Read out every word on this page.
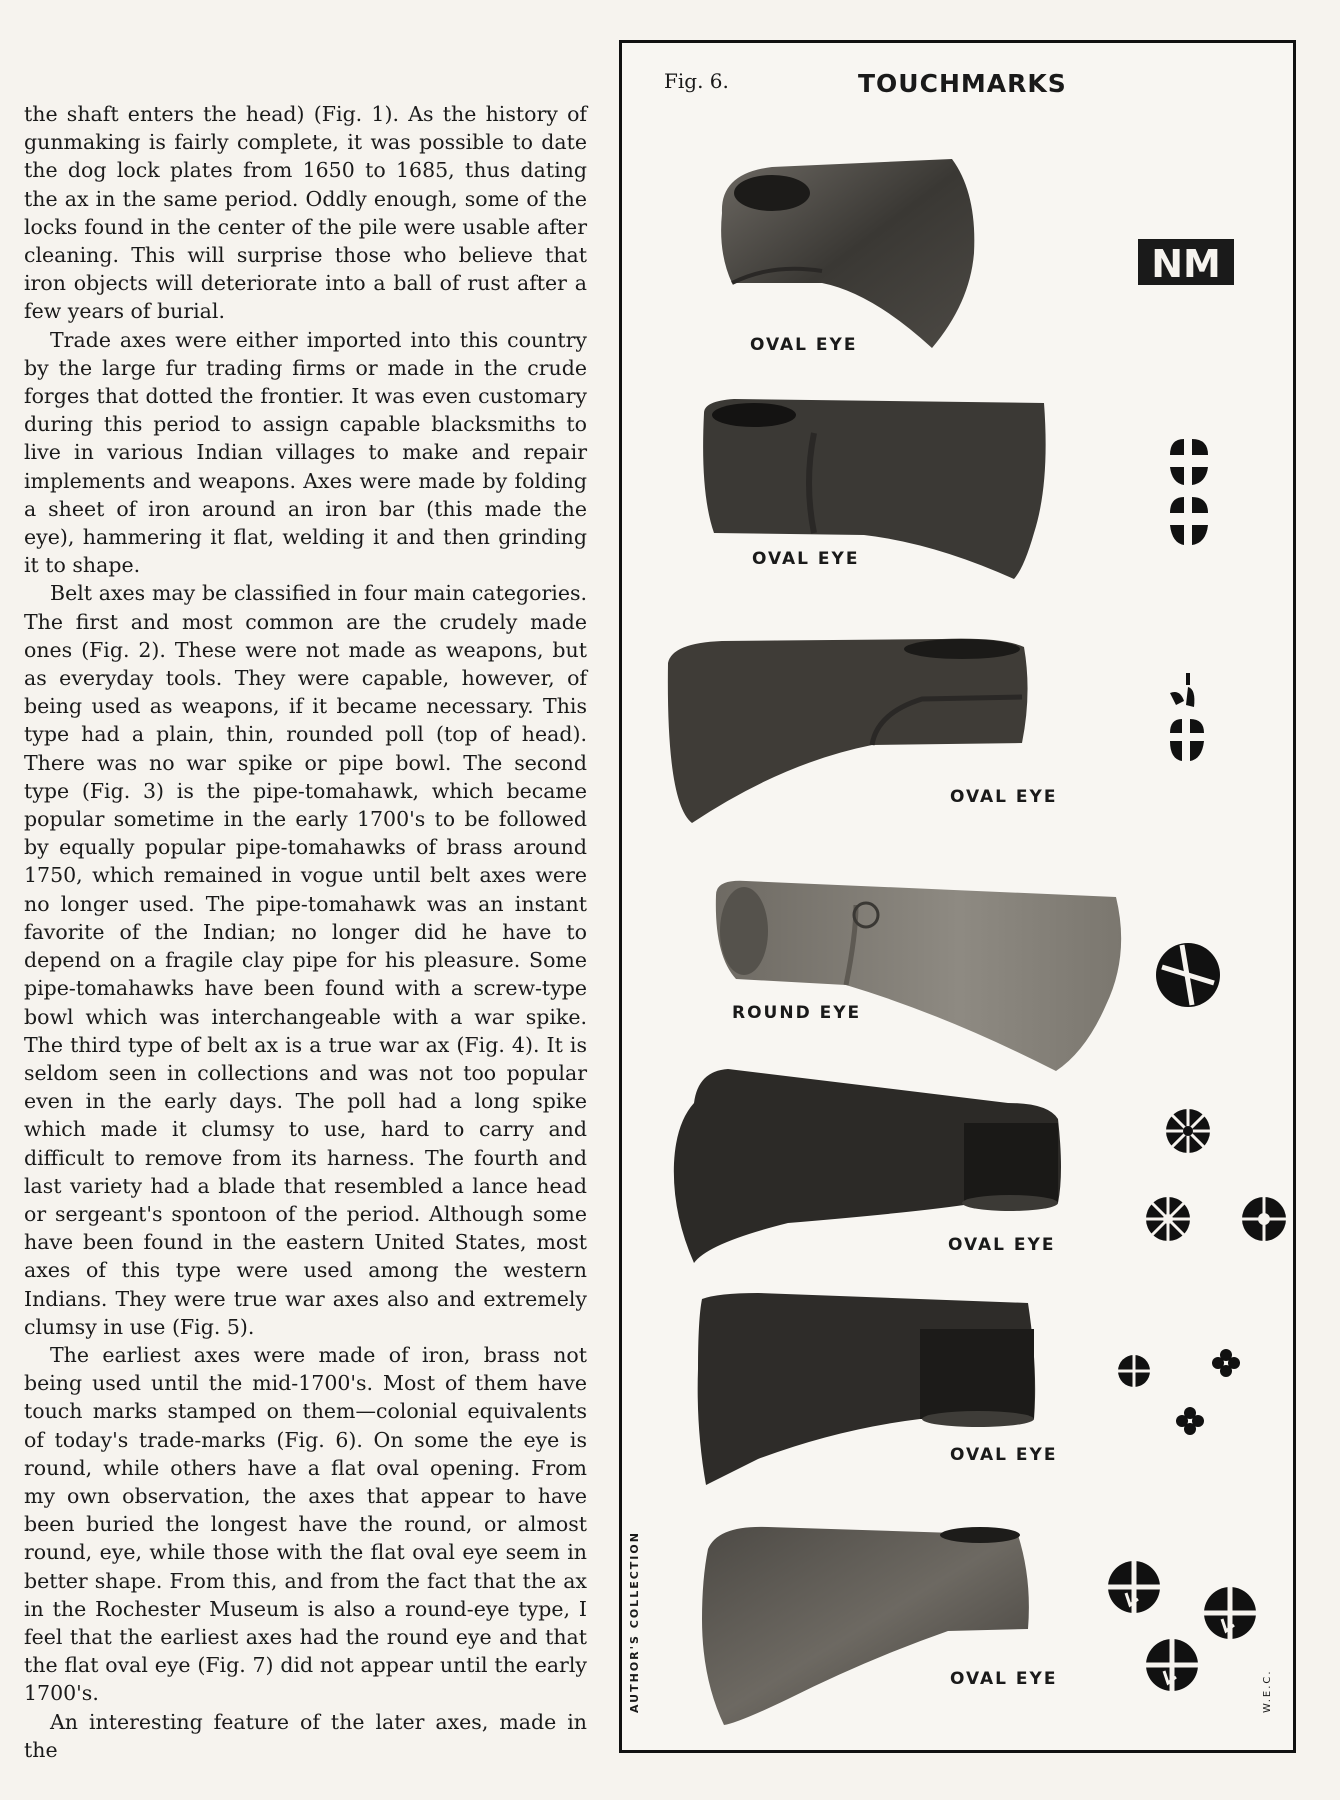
the shaft enters the head) (Fig. 1). As the history of gunmaking is fairly complete, it was possible to date the dog lock plates from 1650 to 1685, thus dating the ax in the same period. Oddly enough, some of the locks found in the center of the pile were usable after cleaning. This will surprise those who believe that iron objects will deteriorate into a ball of rust after a few years of burial.

Trade axes were either imported into this country by the large fur trading firms or made in the crude forges that dotted the frontier. It was even customary during this period to assign capable blacksmiths to live in various Indian villages to make and repair implements and weapons. Axes were made by folding a sheet of iron around an iron bar (this made the eye), hammering it flat, welding it and then grinding it to shape.

Belt axes may be classified in four main categories. The first and most common are the crudely made ones (Fig. 2). These were not made as weapons, but as everyday tools. They were capable, however, of being used as weapons, if it became necessary. This type had a plain, thin, rounded poll (top of head). There was no war spike or pipe bowl. The second type (Fig. 3) is the pipe-tomahawk, which became popular sometime in the early 1700's to be followed by equally popular pipe-tomahawks of brass around 1750, which remained in vogue until belt axes were no longer used. The pipe-tomahawk was an instant favorite of the Indian; no longer did he have to depend on a fragile clay pipe for his pleasure. Some pipe-tomahawks have been found with a screw-type bowl which was interchangeable with a war spike. The third type of belt ax is a true war ax (Fig. 4). It is seldom seen in collections and was not too popular even in the early days. The poll had a long spike which made it clumsy to use, hard to carry and difficult to remove from its harness. The fourth and last variety had a blade that resembled a lance head or sergeant's spontoon of the period. Although some have been found in the eastern United States, most axes of this type were used among the western Indians. They were true war axes also and extremely clumsy in use (Fig. 5).

The earliest axes were made of iron, brass not being used until the mid-1700's. Most of them have touch marks stamped on them—colonial equivalents of today's trade-marks (Fig. 6). On some the eye is round, while others have a flat oval opening. From my own observation, the axes that appear to have been buried the longest have the round, or almost round, eye, while those with the flat oval eye seem in better shape. From this, and from the fact that the ax in the Rochester Museum is also a round-eye type, I feel that the earliest axes had the round eye and that the flat oval eye (Fig. 7) did not appear until the early 1700's.

An interesting feature of the later axes, made in the

Fig. 6.	TOUCHMARKS
OVAL EYE
NM
OVAL EYE
OVAL EYE
ROUND EYE
OVAL EYE
OVAL EYE
OVAL EYE
AUTHOR'S COLLECTION	W.E.C.
